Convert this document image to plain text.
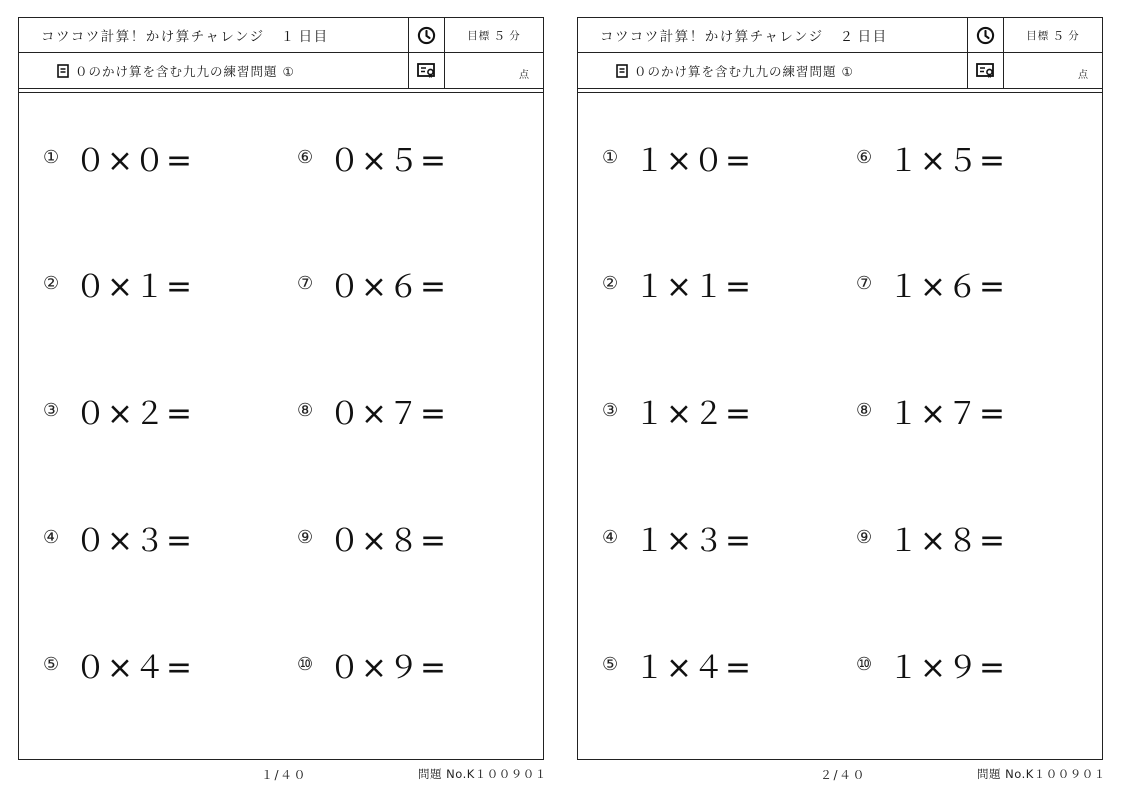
コツコツ計算！かけ算チャレンジ １ 日目	目標 ５ 分
０のかけ算を含む九九の練習問題 ①	点
① ０×０=
② ０×１=
③ ０×２=
④ ０×３=
⑤ ０×４=
⑥ ０×５=
⑦ ０×６=
⑧ ０×７=
⑨ ０×８=
⑩ ０×９=
１/４０	問題 No.K１００９０１
コツコツ計算！かけ算チャレンジ ２ 日目	目標 ５ 分
０のかけ算を含む九九の練習問題 ①	点
① １×０=
② １×１=
③ １×２=
④ １×３=
⑤ １×４=
⑥ １×５=
⑦ １×６=
⑧ １×７=
⑨ １×８=
⑩ １×９=
２/４０	問題 No.K１００９０１
